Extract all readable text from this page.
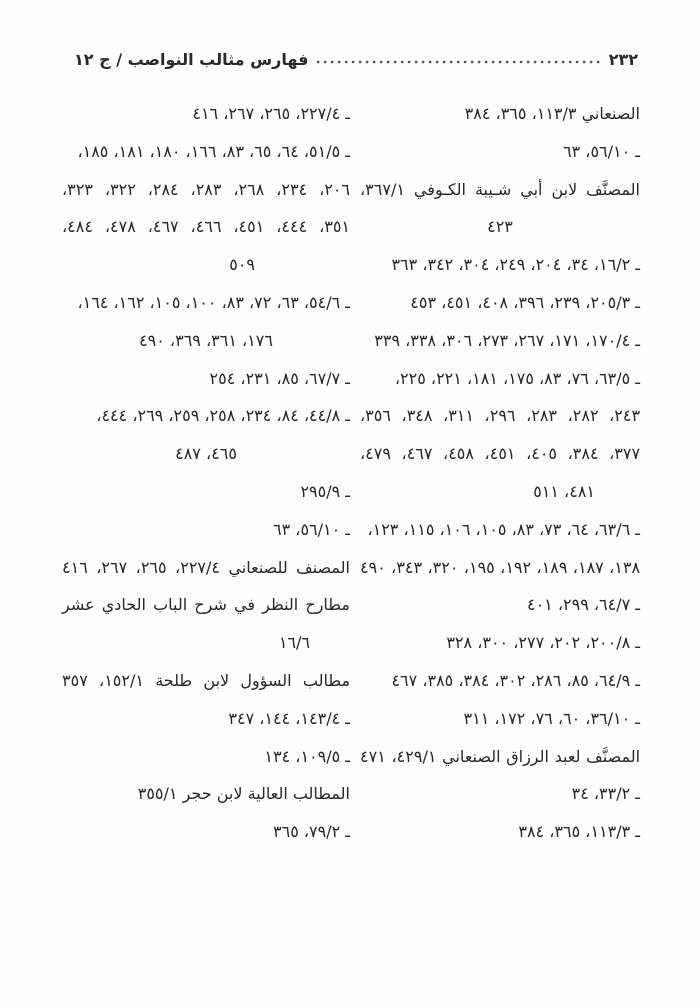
٢٣٢
فهارس مثالب النواصب / ج ١٢
الصنعاني ١١٣/٣، ٣٦٥، ٣٨٤
ـ ٥٦/١٠، ٦٣
المصنَّف لابن أبي شـيبة الكـوفي ٣٦٧/١،
٤٢٣
ـ ١٦/٢، ٣٤، ٢٠٤، ٢٤٩، ٣٠٤، ٣٤٢، ٣٦٣
ـ ٢٠٥/٣، ٢٣٩، ٣٩٦، ٤٠٨، ٤٥١، ٤٥٣
ـ ١٧٠/٤، ١٧١، ٢٦٧، ٢٧٣، ٣٠٦، ٣٣٨، ٣٣٩
ـ ٦٣/٥، ٧٦، ٨٣، ١٧٥، ١٨١، ٢٢١، ٢٢٥،
٢٤٣، ٢٨٢، ٢٨٣، ٢٩٦، ٣١١، ٣٤٨، ٣٥٦،
٣٧٧، ٣٨٤، ٤٠٥، ٤٥١، ٤٥٨، ٤٦٧، ٤٧٩،
٤٨١، ٥١١
ـ ٦٣/٦، ٦٤، ٧٣، ٨٣، ١٠٥، ١٠٦، ١١٥، ١٢٣،
١٣٨، ١٨٧، ١٨٩، ١٩٢، ١٩٥، ٣٢٠، ٣٤٣، ٤٩٠
ـ ٦٤/٧، ٢٩٩، ٤٠١
ـ ٢٠٠/٨، ٢٠٢، ٢٧٧، ٣٠٠، ٣٢٨
ـ ٦٤/٩، ٨٥، ٢٨٦، ٣٠٢، ٣٨٤، ٣٨٥، ٤٦٧
ـ ٣٦/١٠، ٦٠، ٧٦، ١٧٢، ٣١١
المصنَّف لعبد الرزاق الصنعاني ٤٢٩/١، ٤٧١
ـ ٣٣/٢، ٣٤
ـ ١١٣/٣، ٣٦٥، ٣٨٤
ـ ٢٢٧/٤، ٢٦٥، ٢٦٧، ٤١٦
ـ ٥١/٥، ٦٤، ٦٥، ٨٣، ١٦٦، ١٨٠، ١٨١، ١٨٥،
٢٠٦، ٢٣٤، ٢٦٨، ٢٨٣، ٢٨٤، ٣٢٢، ٣٢٣،
٣٥١، ٤٤٤، ٤٥١، ٤٦٦، ٤٦٧، ٤٧٨، ٤٨٤،
٥٠٩
ـ ٥٤/٦، ٦٣، ٧٢، ٨٣، ١٠٠، ١٠٥، ١٦٢، ١٦٤،
١٧٦، ٣٦١، ٣٦٩، ٤٩٠
ـ ٦٧/٧، ٨٥، ٢٣١، ٢٥٤
ـ ٤٤/٨، ٨٤، ٢٣٤، ٢٥٨، ٢٥٩، ٢٦٩، ٤٤٤،
٤٦٥، ٤٨٧
ـ ٢٩٥/٩
ـ ٥٦/١٠، ٦٣
المصنف للصنعاني ٢٢٧/٤، ٢٦٥، ٢٦٧، ٤١٦
مطارح النظر في شرح الباب الحادي عشر
١٦/٦
مطالب السؤول لابن طلحة ١٥٢/١، ٣٥٧
ـ ١٤٣/٤، ١٤٤، ٣٤٧
ـ ١٠٩/٥، ١٣٤
المطالب العالية لابن حجر ٣٥٥/١
ـ ٧٩/٢، ٣٦٥
